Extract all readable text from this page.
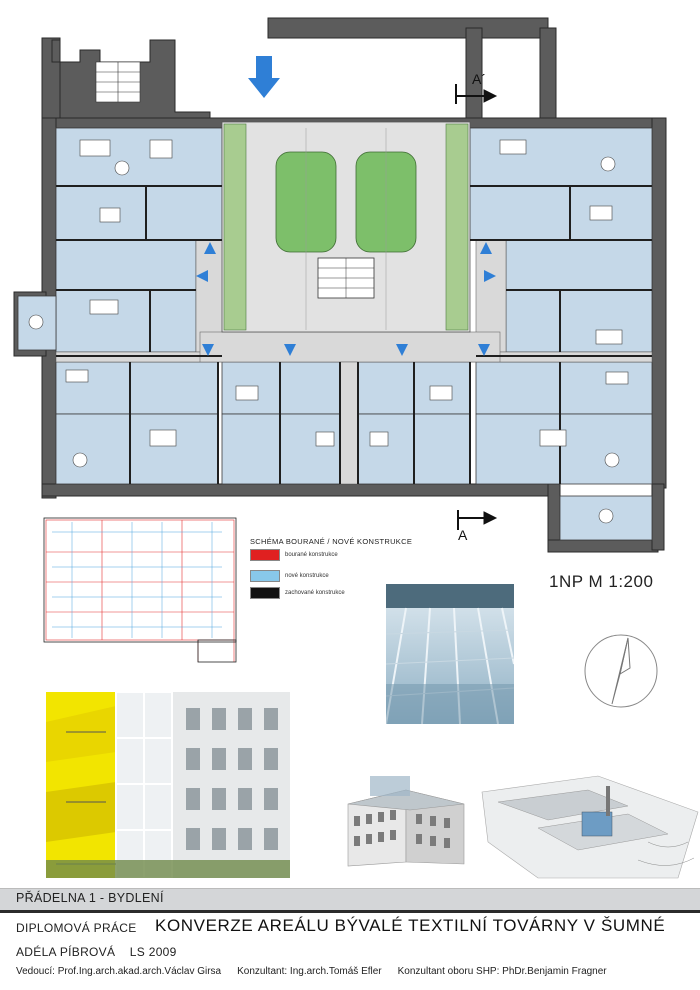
A´
A
SCHÉMA BOURANÉ / NOVÉ KONSTRUKCE
bourané konstrukce
nové konstrukce
zachované konstrukce
1NP M 1:200
PŘÁDELNA 1 - BYDLENÍ
DIPLOMOVÁ PRÁCE KONVERZE AREÁLU BÝVALÉ TEXTILNÍ TOVÁRNY V ŠUMNÉ
ADÉLA PÍBROVÁ    LS 2009
Vedoucí: Prof.Ing.arch.akad.arch.Václav Girsa Konzultant: Ing.arch.Tomáš Efler Konzultant oboru SHP: PhDr.Benjamin Fragner
